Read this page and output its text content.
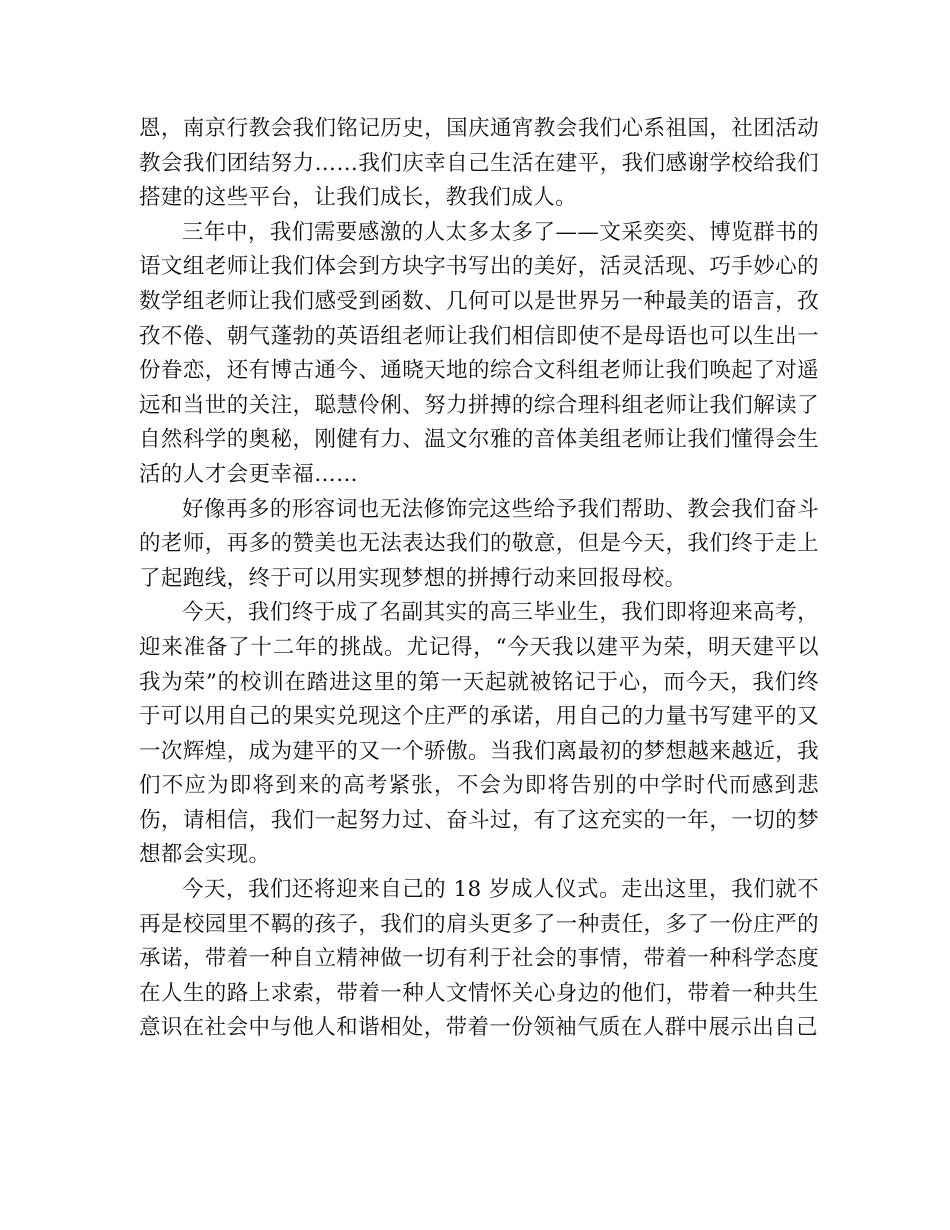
恩，南京行教会我们铭记历史，国庆通宵教会我们心系祖国，社团活动教会我们团结努力……我们庆幸自己生活在建平，我们感谢学校给我们搭建的这些平台，让我们成长，教我们成人。

三年中，我们需要感激的人太多太多了——文采奕奕、博览群书的语文组老师让我们体会到方块字书写出的美好，活灵活现、巧手妙心的数学组老师让我们感受到函数、几何可以是世界另一种最美的语言，孜孜不倦、朝气蓬勃的英语组老师让我们相信即使不是母语也可以生出一份眷恋，还有博古通今、通晓天地的综合文科组老师让我们唤起了对遥远和当世的关注，聪慧伶俐、努力拼搏的综合理科组老师让我们解读了自然科学的奥秘，刚健有力、温文尔雅的音体美组老师让我们懂得会生活的人才会更幸福……

好像再多的形容词也无法修饰完这些给予我们帮助、教会我们奋斗的老师，再多的赞美也无法表达我们的敬意，但是今天，我们终于走上了起跑线，终于可以用实现梦想的拼搏行动来回报母校。

今天，我们终于成了名副其实的高三毕业生，我们即将迎来高考，迎来准备了十二年的挑战。尤记得，“今天我以建平为荣，明天建平以我为荣”的校训在踏进这里的第一天起就被铭记于心，而今天，我们终于可以用自己的果实兑现这个庄严的承诺，用自己的力量书写建平的又一次辉煌，成为建平的又一个骄傲。当我们离最初的梦想越来越近，我们不应为即将到来的高考紧张，不会为即将告别的中学时代而感到悲伤，请相信，我们一起努力过、奋斗过，有了这充实的一年，一切的梦想都会实现。

今天，我们还将迎来自己的 18 岁成人仪式。走出这里，我们就不再是校园里不羁的孩子，我们的肩头更多了一种责任，多了一份庄严的承诺，带着一种自立精神做一切有利于社会的事情，带着一种科学态度在人生的路上求索，带着一种人文情怀关心身边的他们，带着一种共生意识在社会中与他人和谐相处，带着一份领袖气质在人群中展示出自己
